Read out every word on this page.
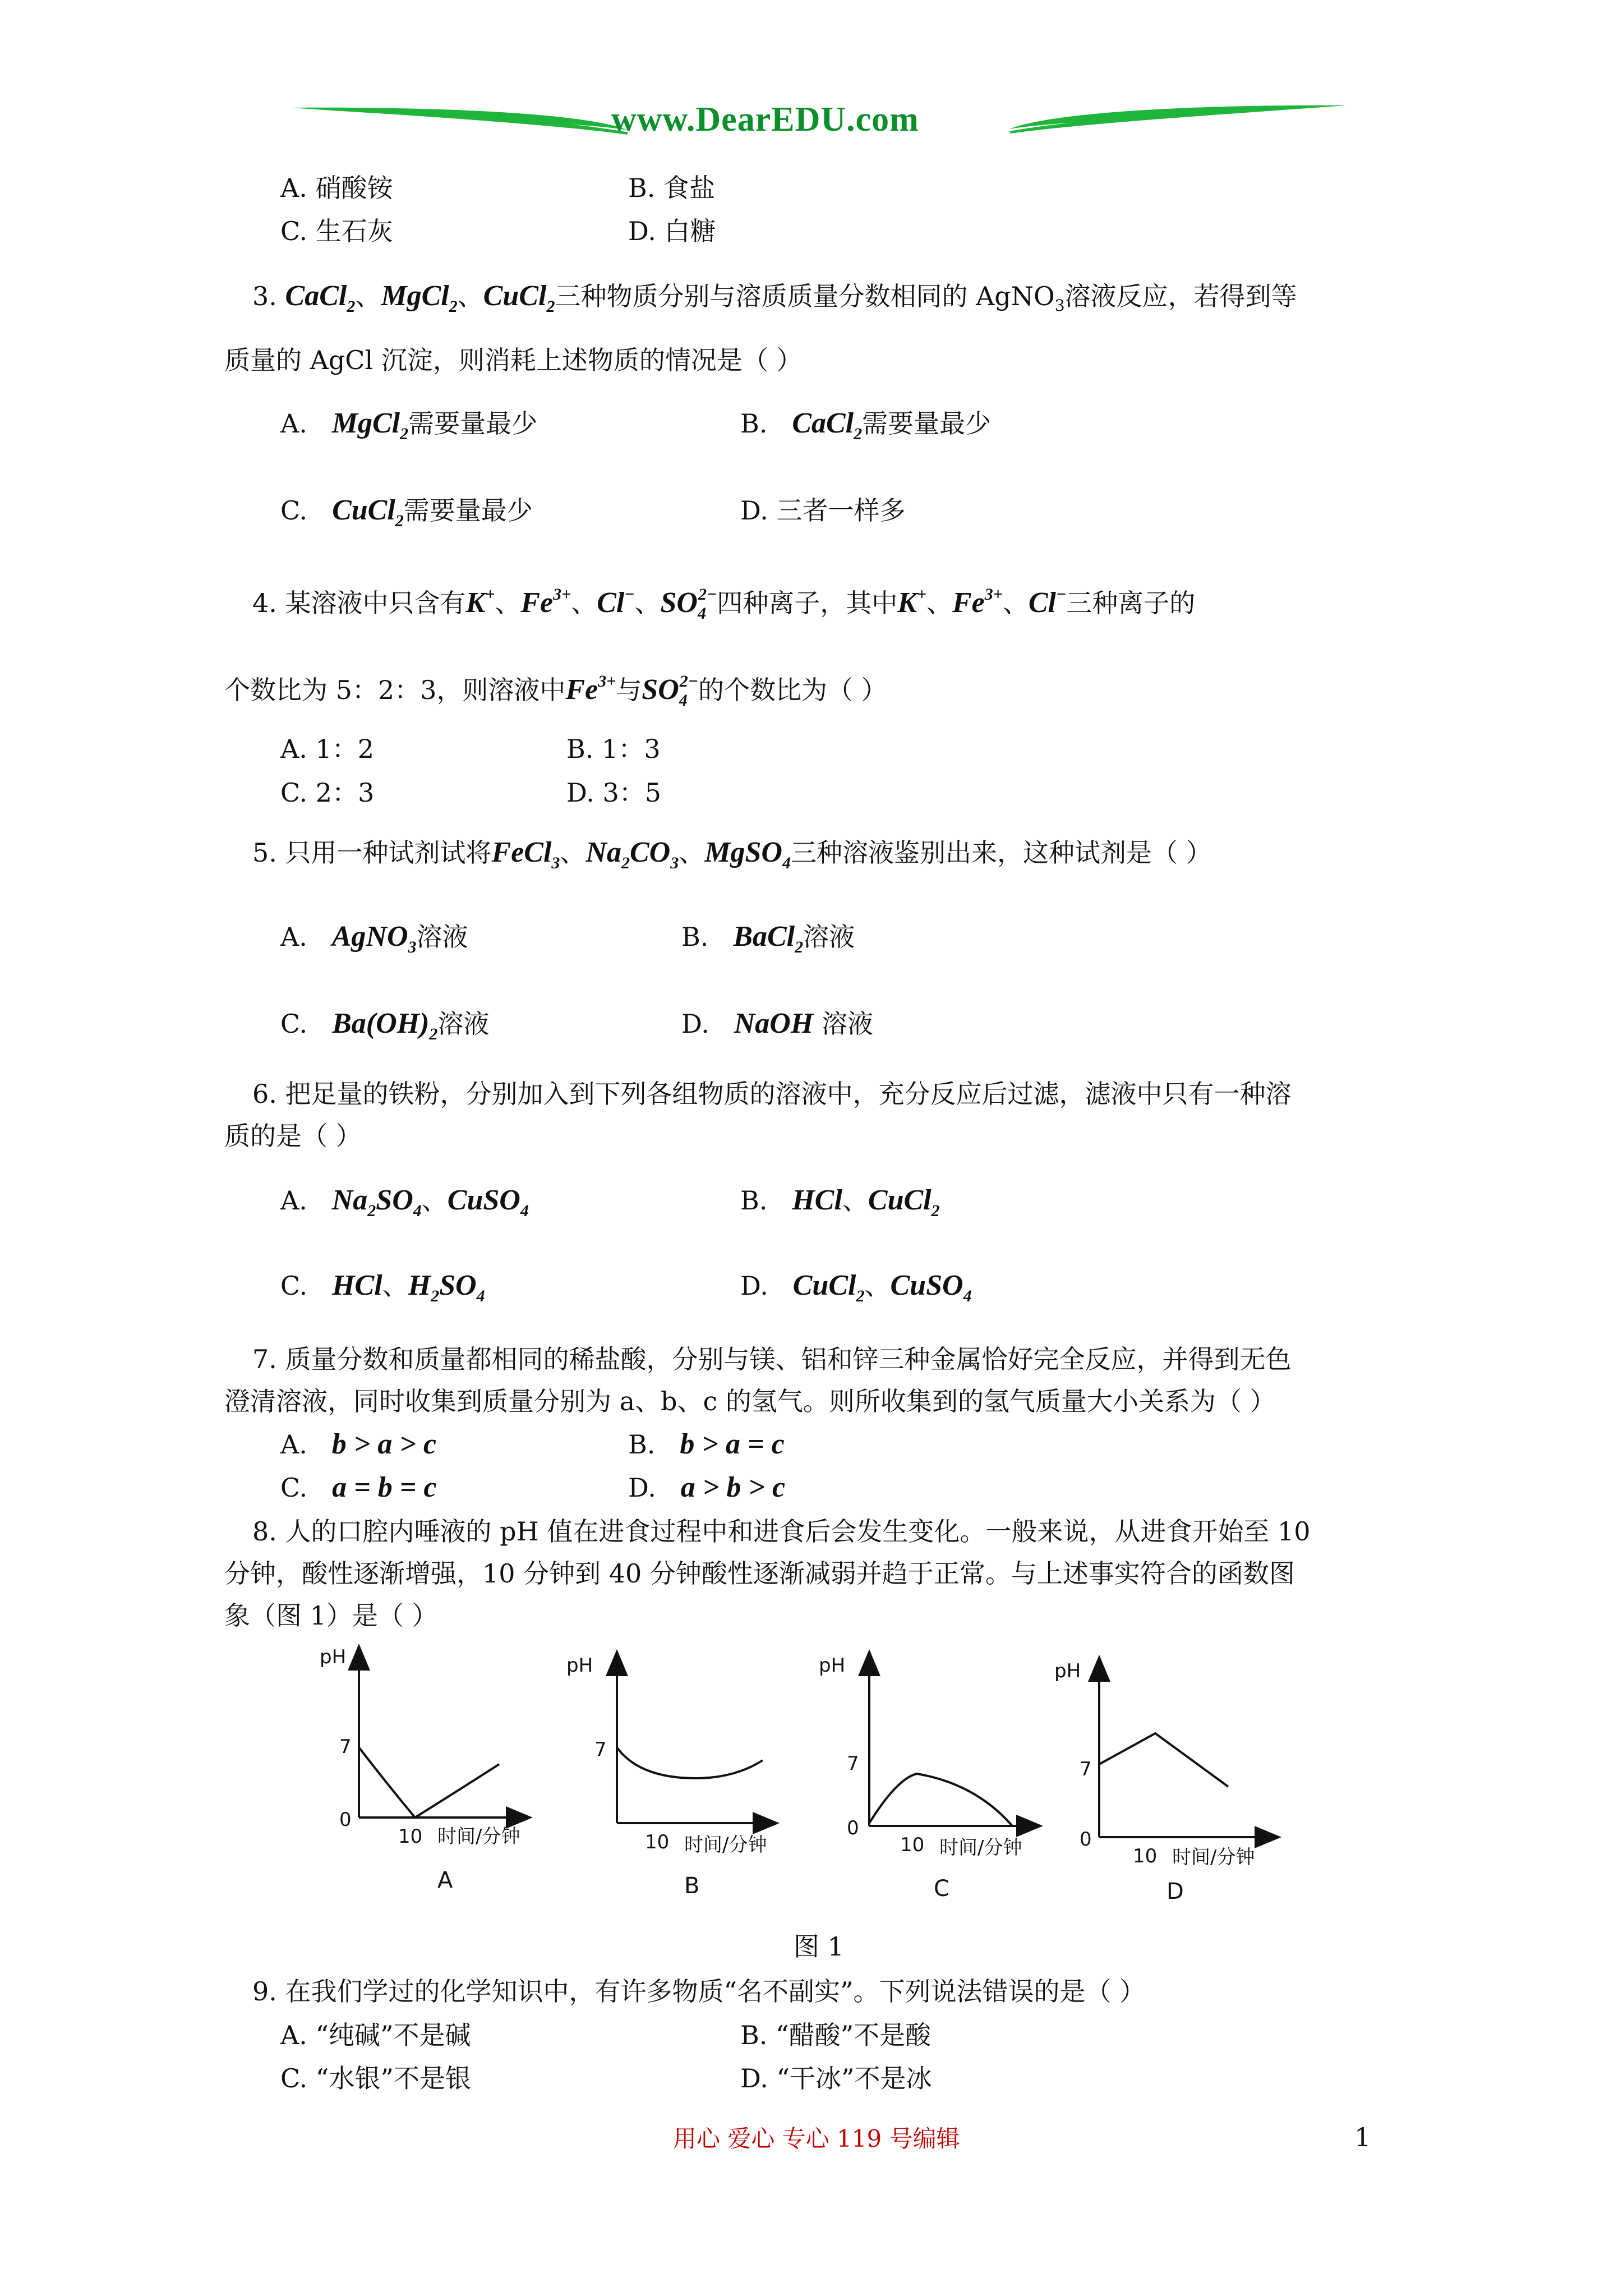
www.DearEDU.com
A. 硝酸铵	B. 食盐
C. 生石灰	D. 白糖
3. CaCl$_2$、MgCl$_2$、CuCl$_2$三种物质分别与溶质质量分数相同的 AgNO$_3$溶液反应，若得到等
质量的 AgCl 沉淀，则消耗上述物质的情况是（ ）
A. MgCl$_2$需要量最少	B. CaCl$_2$需要量最少
C. CuCl$_2$需要量最少	D. 三者一样多
4. 某溶液中只含有K+、$Fe^{3+}$、Cl−、$SO_4^{2-}$四种离子，其中K+、$Fe^{3+}$、Cl−三种离子的
个数比为 5：2：3，则溶液中$Fe^{3+}$与$SO_4^{2-}$的个数比为（ ）
A. 1：2	B. 1：3
C. 2：3	D. 3：5
5. 只用一种试剂试将FeCl$_3$、$Na_2CO_3$、MgSO$_4$三种溶液鉴别出来，这种试剂是（ ）
A. AgNO$_3$溶液	B. BaCl$_2$溶液
C. $Ba(OH)_2$溶液	D. NaOH 溶液
6. 把足量的铁粉，分别加入到下列各组物质的溶液中，充分反应后过滤，滤液中只有一种溶
质的是（ ）
A. $Na_2SO_4$、CuSO$_4$	B. HCl、CuCl$_2$
C. HCl、$H_2SO_4$	D. CuCl$_2$、CuSO$_4$
7. 质量分数和质量都相同的稀盐酸，分别与镁、铝和锌三种金属恰好完全反应，并得到无色
澄清溶液，同时收集到质量分别为 a、b、c 的氢气。则所收集到的氢气质量大小关系为（ ）
A. b > a > c	B. b > a = c
C. a = b = c	D. a > b > c
8. 人的口腔内唾液的 pH 值在进食过程中和进食后会发生变化。一般来说，从进食开始至 10
分钟，酸性逐渐增强，10 分钟到 40 分钟酸性逐渐减弱并趋于正常。与上述事实符合的函数图
象（图 1）是（ ）
pH
7
0
10 时间/分钟
A
pH
7
10 时间/分钟
B
pH
7
0
10 时间/分钟
C
pH
7
0
10 时间/分钟
D
图 1
9. 在我们学过的化学知识中，有许多物质“名不副实”。下列说法错误的是（ ）
A. “纯碱”不是碱	B. “醋酸”不是酸
C. “水银”不是银	D. “干冰”不是冰
用心 爱心 专心 119 号编辑	1
